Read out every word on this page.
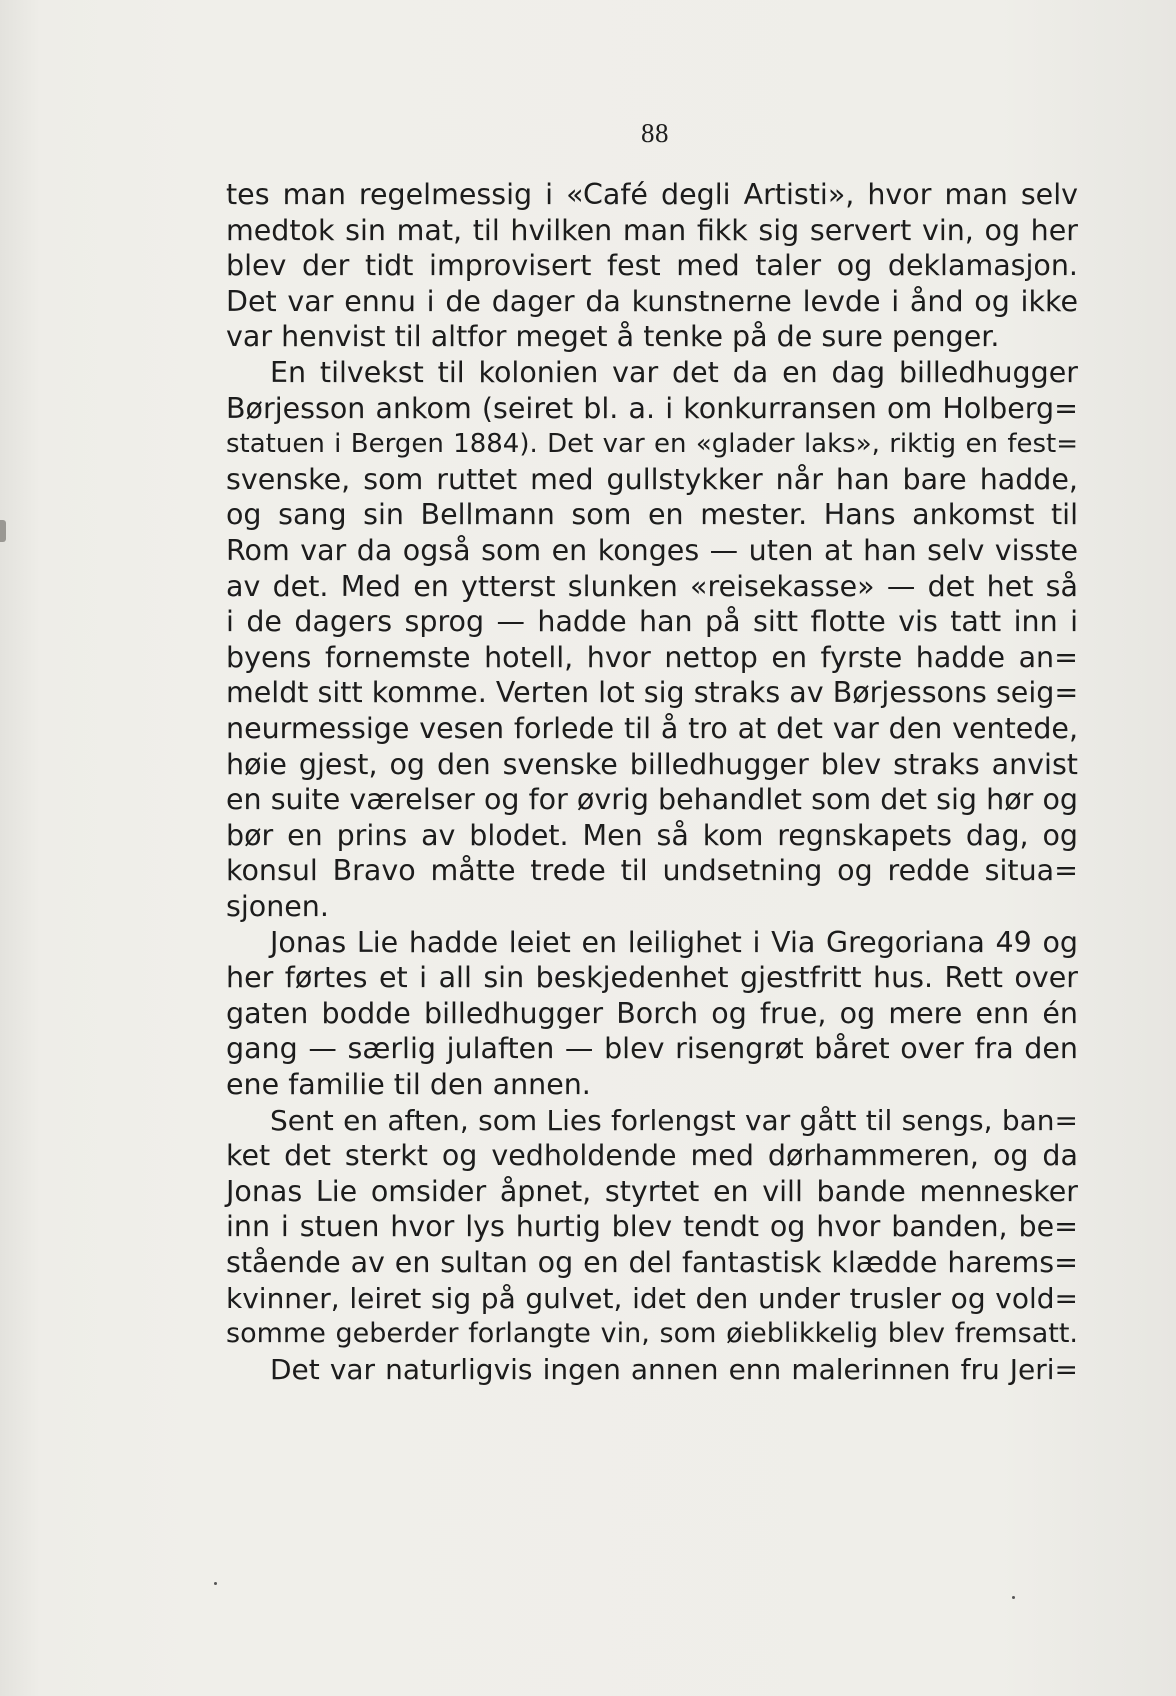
88
tes man regelmessig i «Café degli Artisti», hvor man selv
medtok sin mat, til hvilken man fikk sig servert vin, og her
blev der tidt improvisert fest med taler og deklamasjon.
Det var ennu i de dager da kunstnerne levde i ånd og ikke
var henvist til altfor meget å tenke på de sure penger.
En tilvekst til kolonien var det da en dag billedhugger
Børjesson ankom (seiret bl. a. i konkurransen om Holberg=
statuen i Bergen 1884). Det var en «glader laks», riktig en fest=
svenske, som ruttet med gullstykker når han bare hadde,
og sang sin Bellmann som en mester. Hans ankomst til
Rom var da også som en konges — uten at han selv visste
av det. Med en ytterst slunken «reisekasse» — det het så
i de dagers sprog — hadde han på sitt flotte vis tatt inn i
byens fornemste hotell, hvor nettop en fyrste hadde an=
meldt sitt komme. Verten lot sig straks av Børjessons seig=
neurmessige vesen forlede til å tro at det var den ventede,
høie gjest, og den svenske billedhugger blev straks anvist
en suite værelser og for øvrig behandlet som det sig hør og
bør en prins av blodet. Men så kom regnskapets dag, og
konsul Bravo måtte trede til undsetning og redde situa=
sjonen.
Jonas Lie hadde leiet en leilighet i Via Gregoriana 49 og
her førtes et i all sin beskjedenhet gjestfritt hus. Rett over
gaten bodde billedhugger Borch og frue, og mere enn én
gang — særlig julaften — blev risengrøt båret over fra den
ene familie til den annen.
Sent en aften, som Lies forlengst var gått til sengs, ban=
ket det sterkt og vedholdende med dørhammeren, og da
Jonas Lie omsider åpnet, styrtet en vill bande mennesker
inn i stuen hvor lys hurtig blev tendt og hvor banden, be=
stående av en sultan og en del fantastisk klædde harems=
kvinner, leiret sig på gulvet, idet den under trusler og vold=
somme geberder forlangte vin, som øieblikkelig blev fremsatt.
Det var naturligvis ingen annen enn malerinnen fru Jeri=
